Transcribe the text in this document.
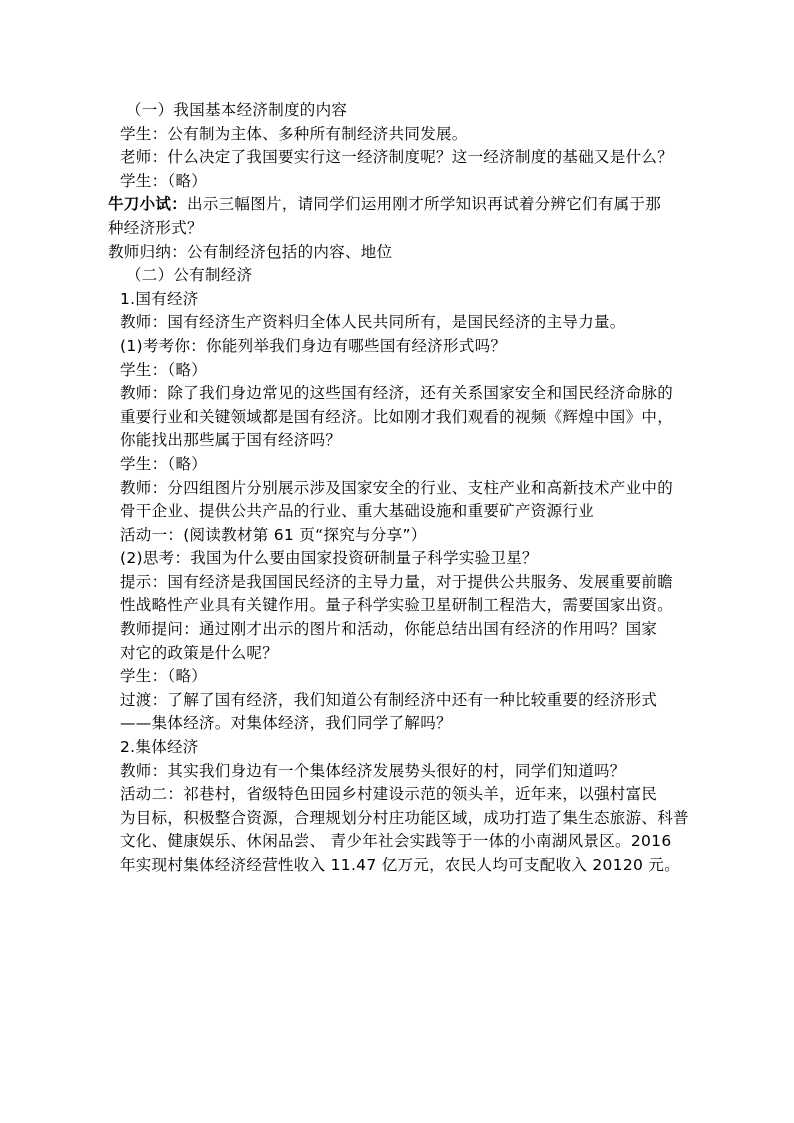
（一）我国基本经济制度的内容
学生：公有制为主体、多种所有制经济共同发展。
老师：什么决定了我国要实行这一经济制度呢？这一经济制度的基础又是什么？
学生：（略）
牛刀小试：出示三幅图片，请同学们运用刚才所学知识再试着分辨它们有属于那
种经济形式？
教师归纳：公有制经济包括的内容、地位
（二）公有制经济
1.国有经济
教师：国有经济生产资料归全体人民共同所有，是国民经济的主导力量。
(1)考考你：你能列举我们身边有哪些国有经济形式吗？
学生：（略）
教师：除了我们身边常见的这些国有经济，还有关系国家安全和国民经济命脉的
重要行业和关键领域都是国有经济。比如刚才我们观看的视频《辉煌中国》中，
你能找出那些属于国有经济吗？
学生：（略）
教师：分四组图片分别展示涉及国家安全的行业、支柱产业和高新技术产业中的
骨干企业、提供公共产品的行业、重大基础设施和重要矿产资源行业
活动一：(阅读教材第 61 页“探究与分享”）
(2)思考：我国为什么要由国家投资研制量子科学实验卫星？
提示：国有经济是我国国民经济的主导力量，对于提供公共服务、发展重要前瞻
性战略性产业具有关键作用。量子科学实验卫星研制工程浩大，需要国家出资。
教师提问：通过刚才出示的图片和活动，你能总结出国有经济的作用吗？国家
对它的政策是什么呢？
学生：（略）
过渡：了解了国有经济，我们知道公有制经济中还有一种比较重要的经济形式
——集体经济。对集体经济，我们同学了解吗？
2.集体经济
教师：其实我们身边有一个集体经济发展势头很好的村，同学们知道吗？
活动二：祁巷村，省级特色田园乡村建设示范的领头羊，近年来，以强村富民
为目标，积极整合资源，合理规划分村庄功能区域，成功打造了集生态旅游、科普
文化、健康娱乐、休闲品尝、 青少年社会实践等于一体的小南湖风景区。2016
年实现村集体经济经营性收入 11.47 亿万元，农民人均可支配收入 20120 元。
